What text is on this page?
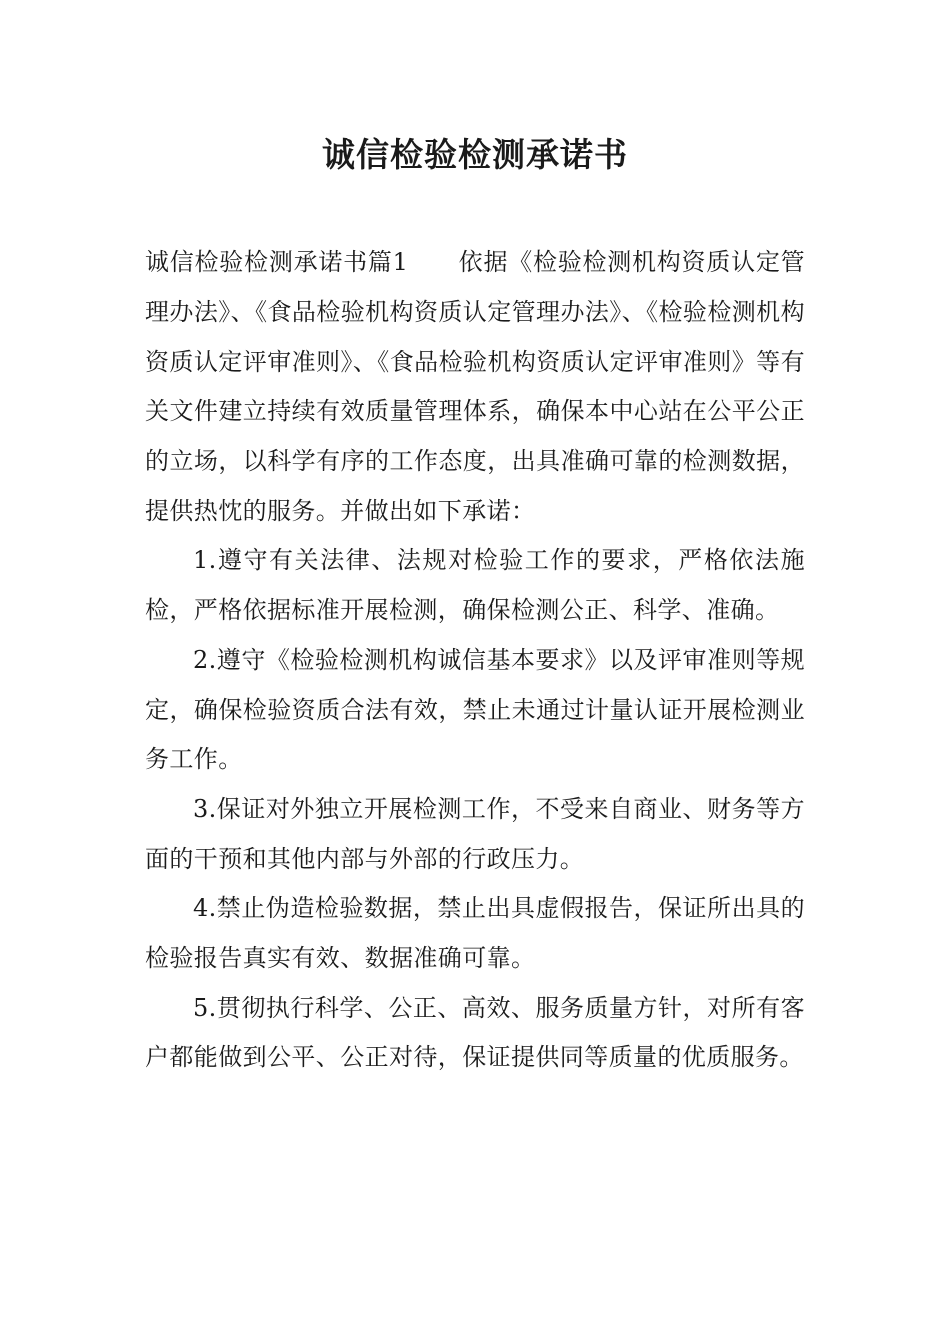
诚信检验检测承诺书

诚信检验检测承诺书篇1 依据《检验检测机构资质认定管理办法》、《食品检验机构资质认定管理办法》、《检验检测机构资质认定评审准则》、《食品检验机构资质认定评审准则》等有关文件建立持续有效质量管理体系，确保本中心站在公平公正的立场，以科学有序的工作态度，出具准确可靠的检测数据，提供热忱的服务。并做出如下承诺：

1.遵守有关法律、法规对检验工作的要求，严格依法施检，严格依据标准开展检测，确保检测公正、科学、准确。

2.遵守《检验检测机构诚信基本要求》以及评审准则等规定，确保检验资质合法有效，禁止未通过计量认证开展检测业务工作。

3.保证对外独立开展检测工作，不受来自商业、财务等方面的干预和其他内部与外部的行政压力。

4.禁止伪造检验数据，禁止出具虚假报告，保证所出具的检验报告真实有效、数据准确可靠。

5.贯彻执行科学、公正、高效、服务质量方针，对所有客户都能做到公平、公正对待，保证提供同等质量的优质服务。
